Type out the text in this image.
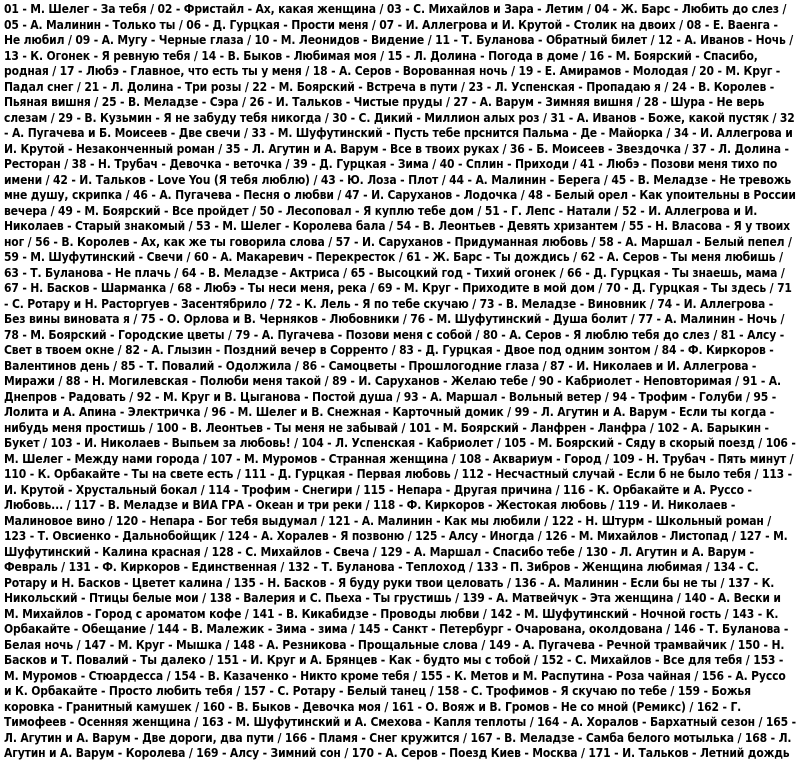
01 - М. Шелег - За тебя / 02 - Фристайл - Ах, какая женщина / 03 - С. Михайлов и Зара - Летим / 04 - Ж. Барс - Любить до слез / 05 - А. Малинин - Только ты / 06 - Д. Гурцкая - Прости меня / 07 - И. Аллегрова и И. Крутой - Столик на двоих / 08 - Е. Ваенга - Не любил / 09 - А. Мугу - Черные глаза / 10 - М. Леонидов - Видение / 11 - Т. Буланова - Обратный билет / 12 - А. Иванов - Ночь / 13 - К. Огонек - Я ревную тебя / 14 - В. Быков - Любимая моя / 15 - Л. Долина - Погода в доме / 16 - М. Боярский - Спасибо, родная / 17 - Любэ - Главное, что есть ты у меня / 18 - А. Серов - Ворованная ночь / 19 - Е. Амирамов - Молодая / 20 - М. Круг - Падал снег / 21 - Л. Долина - Три розы / 22 - М. Боярский - Встреча в пути / 23 - Л. Успенская - Пропадаю я / 24 - В. Королев - Пьяная вишня / 25 - В. Меладзе - Сэра / 26 - И. Тальков - Чистые пруды / 27 - А. Варум - Зимняя вишня / 28 - Шура - Не верь слезам / 29 - В. Кузьмин - Я не забуду тебя никогда / 30 - С. Дикий - Миллион алых роз / 31 - А. Иванов - Боже, какой пустяк / 32 - А. Пугачева и Б. Моисеев - Две свечи / 33 - М. Шуфутинский - Пусть тебе прснится Пальма - Де - Майорка / 34 - И. Аллегрова и И. Крутой - Незаконченный роман / 35 - Л. Агутин и А. Варум - Все в твоих руках / 36 - Б. Моисеев - Звездочка / 37 - Л. Долина - Ресторан / 38 - Н. Трубач - Девочка - веточка / 39 - Д. Гурцкая - Зима / 40 - Сплин - Приходи / 41 - Любэ - Позови меня тихо по имени / 42 - И. Тальков - Love You (Я тебя люблю) / 43 - Ю. Лоза - Плот / 44 - А. Малинин - Берега / 45 - В. Меладзе - Не тревожь мне душу, скрипка / 46 - А. Пугачева - Песня о любви / 47 - И. Саруханов - Лодочка / 48 - Белый орел - Как упоительны в России вечера / 49 - М. Боярский - Все пройдет / 50 - Лесоповал - Я куплю тебе дом / 51 - Г. Лепс - Натали / 52 - И. Аллегрова и И. Николаев - Старый знакомый / 53 - М. Шелег - Королева бала / 54 - В. Леонтьев - Девять хризантем / 55 - Н. Власова - Я у твоих ног / 56 - В. Королев - Ах, как же ты говорила слова / 57 - И. Саруханов - Придуманная любовь / 58 - А. Маршал - Белый пепел / 59 - М. Шуфутинский - Свечи / 60 - А. Макаревич - Перекресток / 61 - Ж. Барс - Ты дождись / 62 - А. Серов - Ты меня любишь / 63 - Т. Буланова - Не плачь / 64 - В. Меладзе - Актриса / 65 - Высоцкий год - Тихий огонек / 66 - Д. Гурцкая - Ты знаешь, мама / 67 - Н. Басков - Шарманка / 68 - Любэ - Ты неси меня, река / 69 - М. Круг - Приходите в мой дом / 70 - Д. Гурцкая - Ты здесь / 71 - С. Ротару и Н. Расторгуев - Засентябрило / 72 - К. Лель - Я по тебе скучаю / 73 - В. Меладзе - Виновник / 74 - И. Аллегрова - Без вины виновата я / 75 - О. Орлова и В. Черняков - Любовники / 76 - М. Шуфутинский - Душа болит / 77 - А. Малинин - Ночь / 78 - М. Боярский - Городские цветы / 79 - А. Пугачева - Позови меня с собой / 80 - А. Серов - Я люблю тебя до слез / 81 - Алсу - Свет в твоем окне / 82 - А. Глызин - Поздний вечер в Сорренто / 83 - Д. Гурцкая - Двое под одним зонтом / 84 - Ф. Киркоров - Валентинов день / 85 - Т. Повалий - Одолжила / 86 - Самоцветы - Прошлогодние глаза / 87 - И. Николаев и И. Аллегрова - Миражи / 88 - Н. Могилевская - Полюби меня такой / 89 - И. Саруханов - Желаю тебе / 90 - Кабриолет - Неповторимая / 91 - А. Днепров - Радовать / 92 - М. Круг и В. Цыганова - Постой душа / 93 - А. Маршал - Вольный ветер / 94 - Трофим - Голуби / 95 - Лолита и А. Апина - Электричка / 96 - М. Шелег и В. Снежная - Карточный домик / 99 - Л. Агутин и А. Варум - Если ты когда - нибудь меня простишь / 100 - В. Леонтьев - Ты меня не забывай / 101 - М. Боярский - Ланфрен - Ланфра / 102 - А. Барыкин - Букет / 103 - И. Николаев - Выпьем за любовь! / 104 - Л. Успенская - Кабриолет / 105 - М. Боярский - Сяду в скорый поезд / 106 - М. Шелег - Между нами города / 107 - М. Муромов - Странная женщина / 108 - Аквариум - Город / 109 - Н. Трубач - Пять минут / 110 - К. Орбакайте - Ты на свете есть / 111 - Д. Гурцкая - Первая любовь / 112 - Несчастный случай - Если б не было тебя / 113 - И. Крутой - Хрустальный бокал / 114 - Трофим - Снегири / 115 - Непара - Другая причина / 116 - К. Орбакайте и А. Руссо - Любовь... / 117 - В. Меладзе и ВИА ГРА - Океан и три реки / 118 - Ф. Киркоров - Жестокая любовь / 119 - И. Николаев - Малиновое вино / 120 - Непара - Бог тебя выдумал / 121 - А. Малинин - Как мы любили / 122 - Н. Штурм - Школьный роман / 123 - Т. Овсиенко - Дальнобойщик / 124 - А. Хоралев - Я позвоню / 125 - Алсу - Иногда / 126 - М. Михайлов - Листопад / 127 - М. Шуфутинский - Калина красная / 128 - С. Михайлов - Свеча / 129 - А. Маршал - Спасибо тебе / 130 - Л. Агутин и А. Варум - Февраль / 131 - Ф. Киркоров - Единственная / 132 - Т. Буланова - Теплоход / 133 - П. Зибров - Женщина любимая / 134 - С. Ротару и Н. Басков - Цветет калина / 135 - Н. Басков - Я буду руки твои целовать / 136 - А. Малинин - Если бы не ты / 137 - К. Никольский - Птицы белые мои / 138 - Валерия и С. Пьеха - Ты грустишь / 139 - А. Матвейчук - Эта женщина / 140 - А. Вески и М. Михайлов - Город с ароматом кофе / 141 - В. Кикабидзе - Проводы любви / 142 - М. Шуфутинский - Ночной гость / 143 - К. Орбакайте - Обещание / 144 - В. Малежик - Зима - зима / 145 - Санкт - Петербург - Очарована, околдована / 146 - Т. Буланова - Белая ночь / 147 - М. Круг - Мышка / 148 - А. Резникова - Прощальные слова / 149 - А. Пугачева - Речной трамвайчик / 150 - Н. Басков и Т. Повалий - Ты далеко / 151 - И. Круг и А. Брянцев - Как - будто мы с тобой / 152 - С. Михайлов - Все для тебя / 153 - М. Муромов - Стюардесса / 154 - В. Казаченко - Никто кроме тебя / 155 - К. Метов и М. Распутина - Роза чайная / 156 - А. Руссо и К. Орбакайте - Просто любить тебя / 157 - С. Ротару - Белый танец / 158 - С. Трофимов - Я скучаю по тебе / 159 - Божья коровка - Гранитный камушек / 160 - В. Быков - Девочка моя / 161 - О. Вояж и В. Громов - Не со мной (Ремикс) / 162 - Г. Тимофеев - Осенняя женщина / 163 - М. Шуфутинский и А. Смехова - Капля теплоты / 164 - А. Хоралов - Бархатный сезон / 165 - Л. Агутин и А. Варум - Две дороги, два пути / 166 - Пламя - Снег кружится / 167 - В. Меладзе - Самба белого мотылька / 168 - Л. Агутин и А. Варум - Королева / 169 - Алсу - Зимний сон / 170 - А. Серов - Поезд Киев - Москва / 171 - И. Тальков - Летний дождь
